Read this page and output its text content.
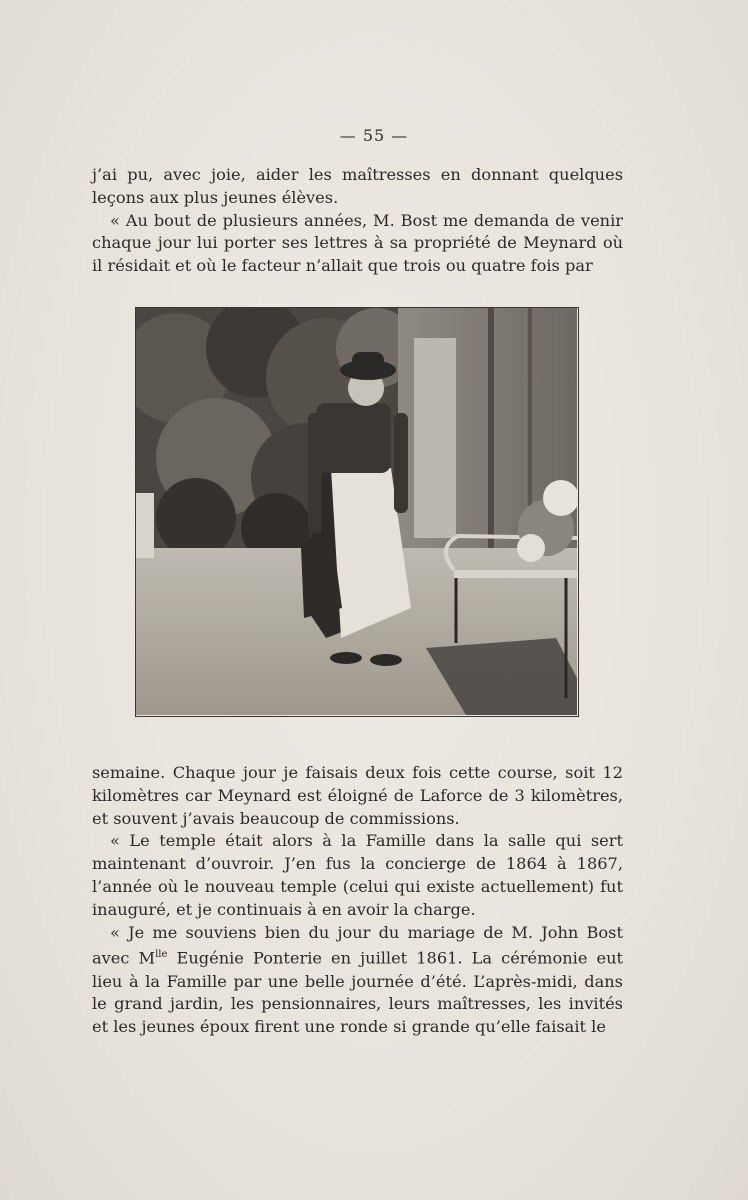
— 55 —

j’ai pu, avec joie, aider les maîtresses en donnant quelques leçons aux plus jeunes élèves.

« Au bout de plusieurs années, M. Bost me demanda de venir chaque jour lui porter ses lettres à sa propriété de Meynard où il résidait et où le facteur n’allait que trois ou quatre fois par

semaine. Chaque jour je faisais deux fois cette course, soit 12 kilomètres car Meynard est éloigné de Laforce de 3 kilomètres, et souvent j’avais beaucoup de commissions.

« Le temple était alors à la Famille dans la salle qui sert maintenant d’ouvroir. J’en fus la concierge de 1864 à 1867, l’année où le nouveau temple (celui qui existe actuellement) fut inauguré, et je continuais à en avoir la charge.

« Je me souviens bien du jour du mariage de M. John Bost avec $M^{lle}$ Eugénie Ponterie en juillet 1861. La cérémonie eut lieu à la Famille par une belle journée d’été. L’après-midi, dans le grand jardin, les pensionnaires, leurs maîtresses, les invités et les jeunes époux firent une ronde si grande qu’elle faisait le
